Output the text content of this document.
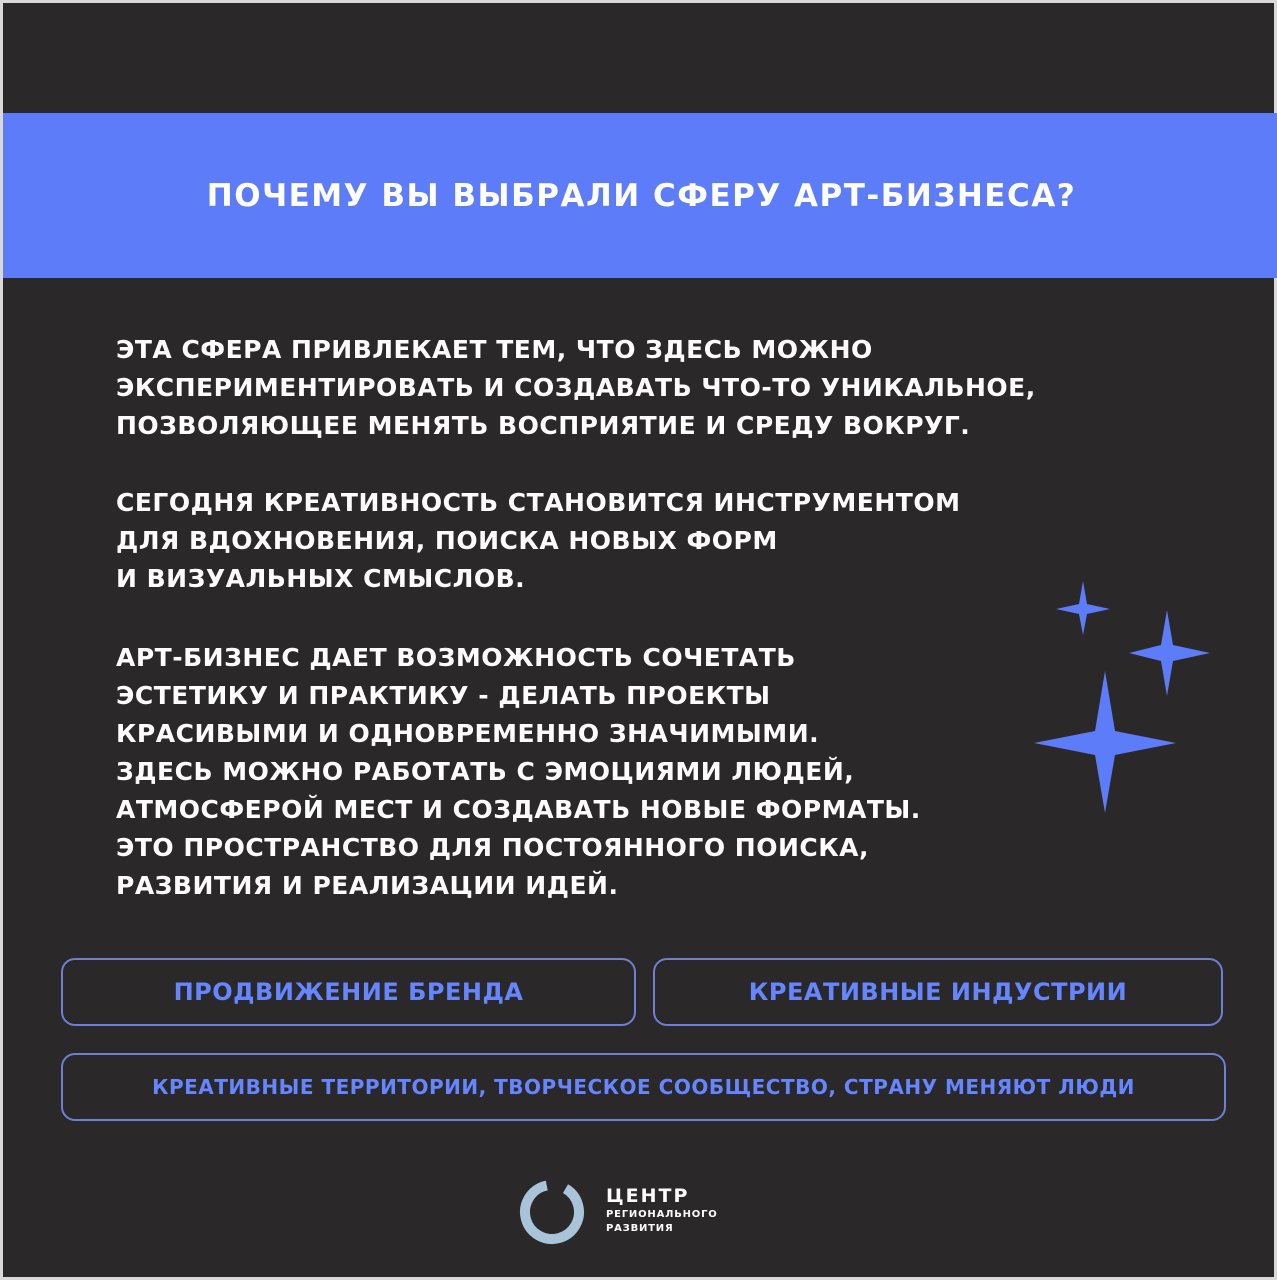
ПОЧЕМУ ВЫ ВЫБРАЛИ СФЕРУ АРТ-БИЗНЕСА?

ЭТА СФЕРА ПРИВЛЕКАЕТ ТЕМ, ЧТО ЗДЕСЬ МОЖНО
ЭКСПЕРИМЕНТИРОВАТЬ И СОЗДАВАТЬ ЧТО-ТО УНИКАЛЬНОЕ,
ПОЗВОЛЯЮЩЕЕ МЕНЯТЬ ВОСПРИЯТИЕ И СРЕДУ ВОКРУГ.

СЕГОДНЯ КРЕАТИВНОСТЬ СТАНОВИТСЯ ИНСТРУМЕНТОМ
ДЛЯ ВДОХНОВЕНИЯ, ПОИСКА НОВЫХ ФОРМ
И ВИЗУАЛЬНЫХ СМЫСЛОВ.

АРТ-БИЗНЕС ДАЕТ ВОЗМОЖНОСТЬ СОЧЕТАТЬ
ЭСТЕТИКУ И ПРАКТИКУ - ДЕЛАТЬ ПРОЕКТЫ
КРАСИВЫМИ И ОДНОВРЕМЕННО ЗНАЧИМЫМИ.
ЗДЕСЬ МОЖНО РАБОТАТЬ С ЭМОЦИЯМИ ЛЮДЕЙ,
АТМОСФЕРОЙ МЕСТ И СОЗДАВАТЬ НОВЫЕ ФОРМАТЫ.
ЭТО ПРОСТРАНСТВО ДЛЯ ПОСТОЯННОГО ПОИСКА,
РАЗВИТИЯ И РЕАЛИЗАЦИИ ИДЕЙ.

ПРОДВИЖЕНИЕ БРЕНДА	КРЕАТИВНЫЕ ИНДУСТРИИ
КРЕАТИВНЫЕ ТЕРРИТОРИИ, ТВОРЧЕСКОЕ СООБЩЕСТВО, СТРАНУ МЕНЯЮТ ЛЮДИ
ЦЕНТР
РЕГИОНАЛЬНОГО
РАЗВИТИЯ
